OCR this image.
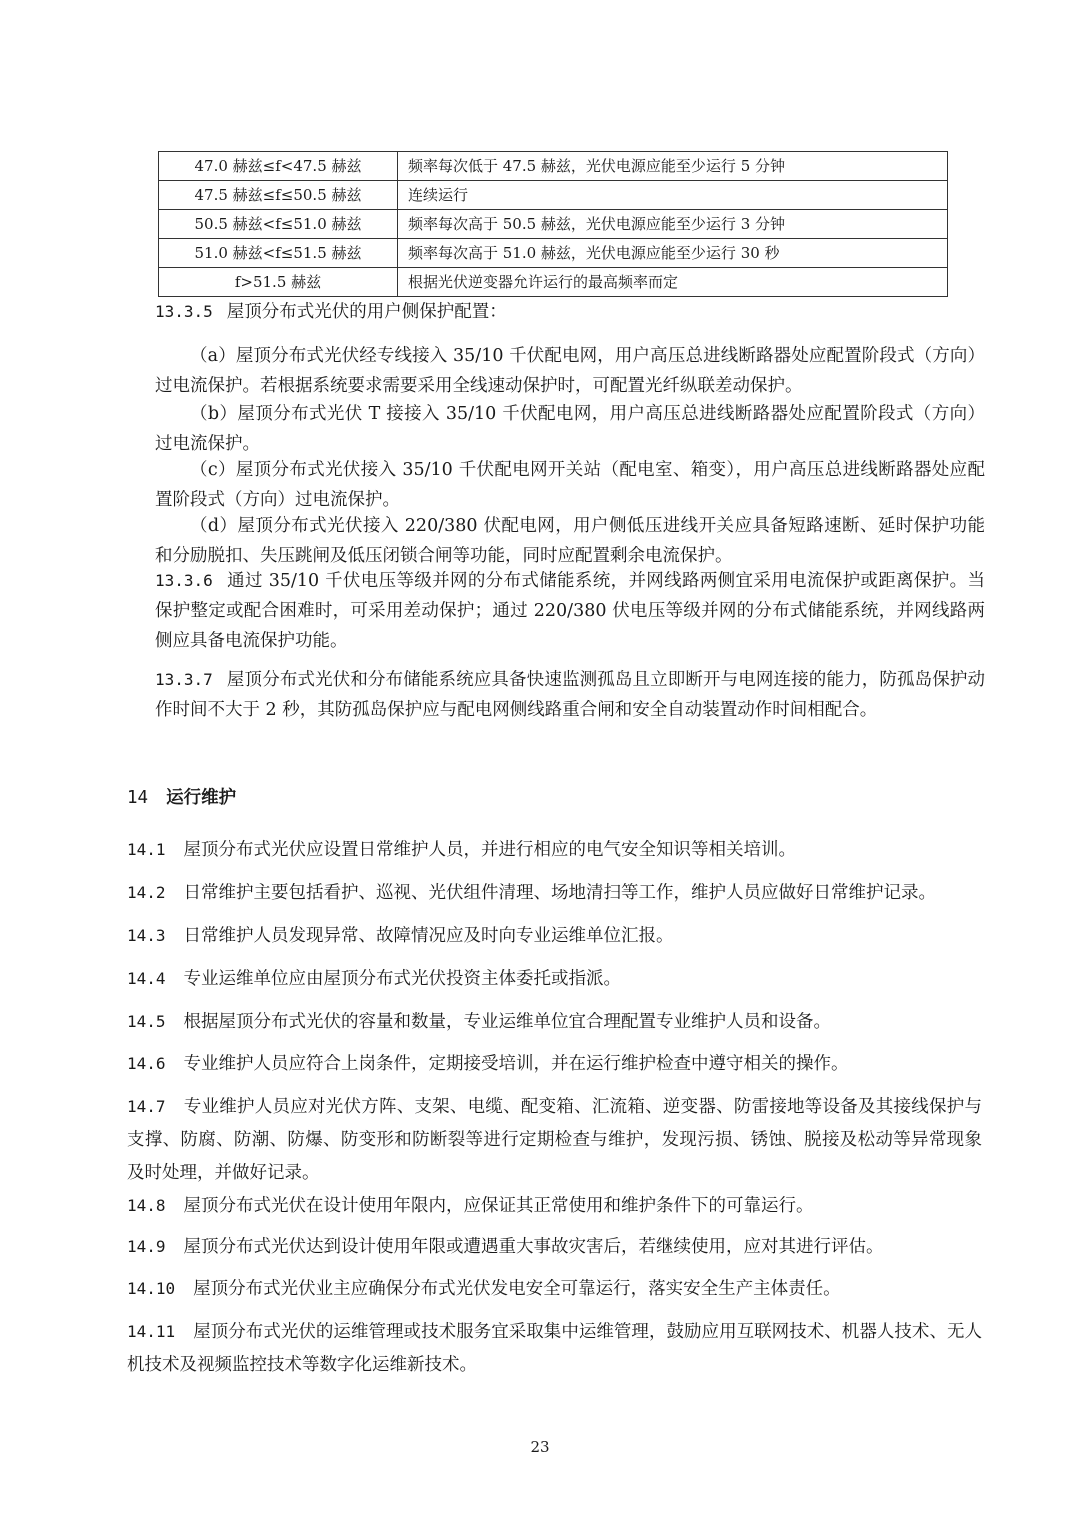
47.0 赫兹≤f<47.5 赫兹	频率每次低于 47.5 赫兹，光伏电源应能至少运行 5 分钟
47.5 赫兹≤f≤50.5 赫兹	连续运行
50.5 赫兹<f≤51.0 赫兹	频率每次高于 50.5 赫兹，光伏电源应能至少运行 3 分钟
51.0 赫兹<f≤51.5 赫兹	频率每次高于 51.0 赫兹，光伏电源应能至少运行 30 秒
f>51.5 赫兹	根据光伏逆变器允许运行的最高频率而定
13.3.5 屋顶分布式光伏的用户侧保护配置：
（a）屋顶分布式光伏经专线接入 35/10 千伏配电网，用户高压总进线断路器处应配置阶段式（方向）过电流保护。若根据系统要求需要采用全线速动保护时，可配置光纤纵联差动保护。
（b）屋顶分布式光伏 T 接接入 35/10 千伏配电网，用户高压总进线断路器处应配置阶段式（方向）过电流保护。
（c）屋顶分布式光伏接入 35/10 千伏配电网开关站（配电室、箱变），用户高压总进线断路器处应配置阶段式（方向）过电流保护。
（d）屋顶分布式光伏接入 220/380 伏配电网，用户侧低压进线开关应具备短路速断、延时保护功能和分励脱扣、失压跳闸及低压闭锁合闸等功能，同时应配置剩余电流保护。
13.3.6 通过 35/10 千伏电压等级并网的分布式储能系统，并网线路两侧宜采用电流保护或距离保护。当保护整定或配合困难时，可采用差动保护；通过 220/380 伏电压等级并网的分布式储能系统，并网线路两侧应具备电流保护功能。
13.3.7 屋顶分布式光伏和分布储能系统应具备快速监测孤岛且立即断开与电网连接的能力，防孤岛保护动作时间不大于 2 秒，其防孤岛保护应与配电网侧线路重合闸和安全自动装置动作时间相配合。
14 运行维护
14.1 屋顶分布式光伏应设置日常维护人员，并进行相应的电气安全知识等相关培训。
14.2 日常维护主要包括看护、巡视、光伏组件清理、场地清扫等工作，维护人员应做好日常维护记录。
14.3 日常维护人员发现异常、故障情况应及时向专业运维单位汇报。
14.4 专业运维单位应由屋顶分布式光伏投资主体委托或指派。
14.5 根据屋顶分布式光伏的容量和数量，专业运维单位宜合理配置专业维护人员和设备。
14.6 专业维护人员应符合上岗条件，定期接受培训，并在运行维护检查中遵守相关的操作。
14.7 专业维护人员应对光伏方阵、支架、电缆、配变箱、汇流箱、逆变器、防雷接地等设备及其接线保护与支撑、防腐、防潮、防爆、防变形和防断裂等进行定期检查与维护，发现污损、锈蚀、脱接及松动等异常现象及时处理，并做好记录。
14.8 屋顶分布式光伏在设计使用年限内，应保证其正常使用和维护条件下的可靠运行。
14.9 屋顶分布式光伏达到设计使用年限或遭遇重大事故灾害后，若继续使用，应对其进行评估。
14.10 屋顶分布式光伏业主应确保分布式光伏发电安全可靠运行，落实安全生产主体责任。
14.11 屋顶分布式光伏的运维管理或技术服务宜采取集中运维管理，鼓励应用互联网技术、机器人技术、无人机技术及视频监控技术等数字化运维新技术。
23
